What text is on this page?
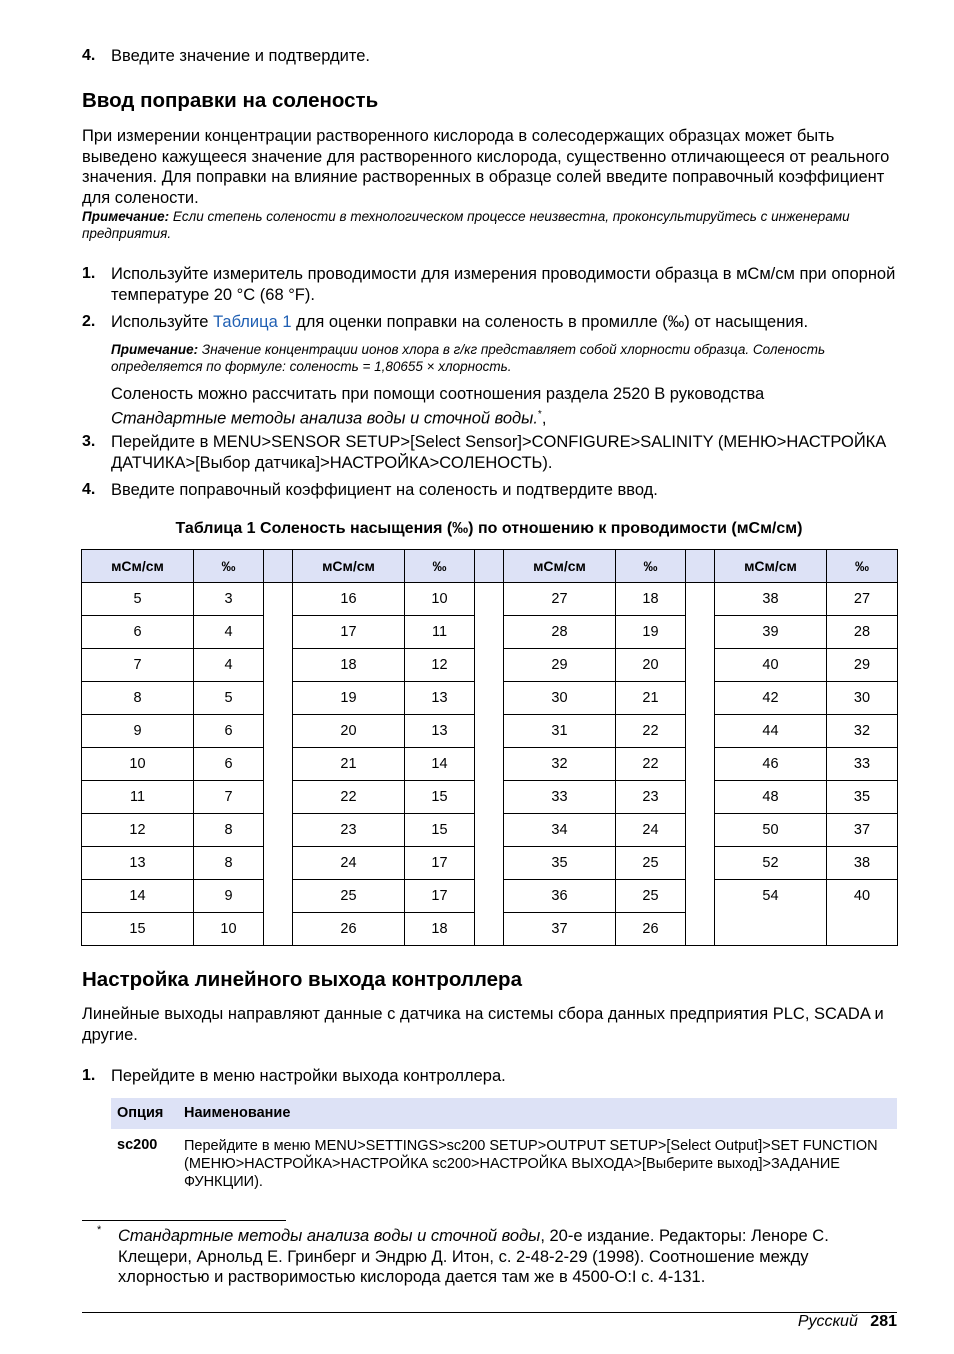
4. Введите значение и подтвердите.
Ввод поправки на соленость
При измерении концентрации растворенного кислорода в солесодержащих образцах может быть выведено кажущееся значение для растворенного кислорода, существенно отличающееся от реального значения. Для поправки на влияние растворенных в образце солей введите поправочный коэффициент для солености.
Примечание: Если степень солености в технологическом процессе неизвестна, проконсультируйтесь с инженерами предприятия.
1. Используйте измеритель проводимости для измерения проводимости образца в мСм/см при опорной температуре 20 °C (68 °F).
2. Используйте Таблица 1 для оценки поправки на соленость в промилле (‰) от насыщения.
Примечание: Значение концентрации ионов хлора в г/кг представляет собой хлорности образца. Соленость определяется по формуле: соленость = 1,80655 × хлорность.
Соленость можно рассчитать при помощи соотношения раздела 2520 B руководства Стандартные методы анализа воды и сточной воды.*,
3. Перейдите в MENU>SENSOR SETUP>[Select Sensor]>CONFIGURE>SALINITY (МЕНЮ>НАСТРОЙКА ДАТЧИКА>[Выбор датчика]>НАСТРОЙКА>СОЛЕНОСТЬ).
4. Введите поправочный коэффициент на соленость и подтвердите ввод.
Таблица 1 Соленость насыщения (‰) по отношению к проводимости (мСм/см)
мСм/см	‰		мСм/см	‰		мСм/см	‰		мСм/см	‰
5	3		16	10		27	18		38	27
6	4		17	11		28	19		39	28
7	4		18	12		29	20		40	29
8	5		19	13		30	21		42	30
9	6		20	13		31	22		44	32
10	6		21	14		32	22		46	33
11	7		22	15		33	23		48	35
12	8		23	15		34	24		50	37
13	8		24	17		35	25		52	38
14	9		25	17		36	25		54	40
15	10		26	18		37	26			
Настройка линейного выхода контроллера
Линейные выходы направляют данные с датчика на системы сбора данных предприятия PLC, SCADA и другие.
1. Перейдите в меню настройки выхода контроллера.
Опция Наименование
sc200 Перейдите в меню MENU>SETTINGS>sc200 SETUP>OUTPUT SETUP>[Select Output]>SET FUNCTION (МЕНЮ>НАСТРОЙКА>НАСТРОЙКА sc200>НАСТРОЙКА ВЫХОДА>[Выберите выход]>ЗАДАНИЕ ФУНКЦИИ).
* Стандартные методы анализа воды и сточной воды, 20-е издание. Редакторы: Леноре С. Клещери, Арнольд Е. Гринберг и Эндрю Д. Итон, с. 2-48-2-29 (1998). Соотношение между хлорностью и растворимостью кислорода дается там же в 4500-O:I с. 4-131.
Русский 281
